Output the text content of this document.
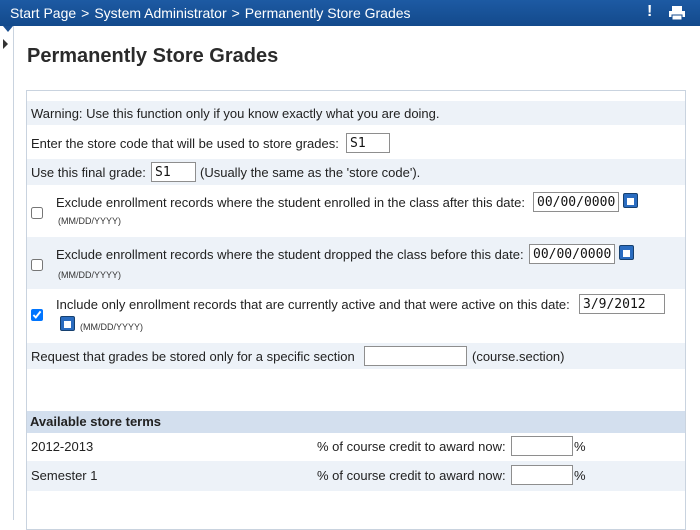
Start Page > System Administrator > Permanently Store Grades	!
Permanently Store Grades
Warning: Use this function only if you know exactly what you are doing.
Enter the store code that will be used to store grades:
S1
Use this final grade:
S1	(Usually the same as the 'store code').
Exclude enrollment records where the student enrolled in the class after this date:
00/00/0000
(MM/DD/YYYY)
Exclude enrollment records where the student dropped the class before this date:
00/00/0000
(MM/DD/YYYY)
Include only enrollment records that are currently active and that were active on this date:
3/9/2012
(MM/DD/YYYY)
Request that grades be stored only for a specific section	(course.section)
Available store terms
2012-2013	% of course credit to award now:	%
Semester 1	% of course credit to award now:	%
